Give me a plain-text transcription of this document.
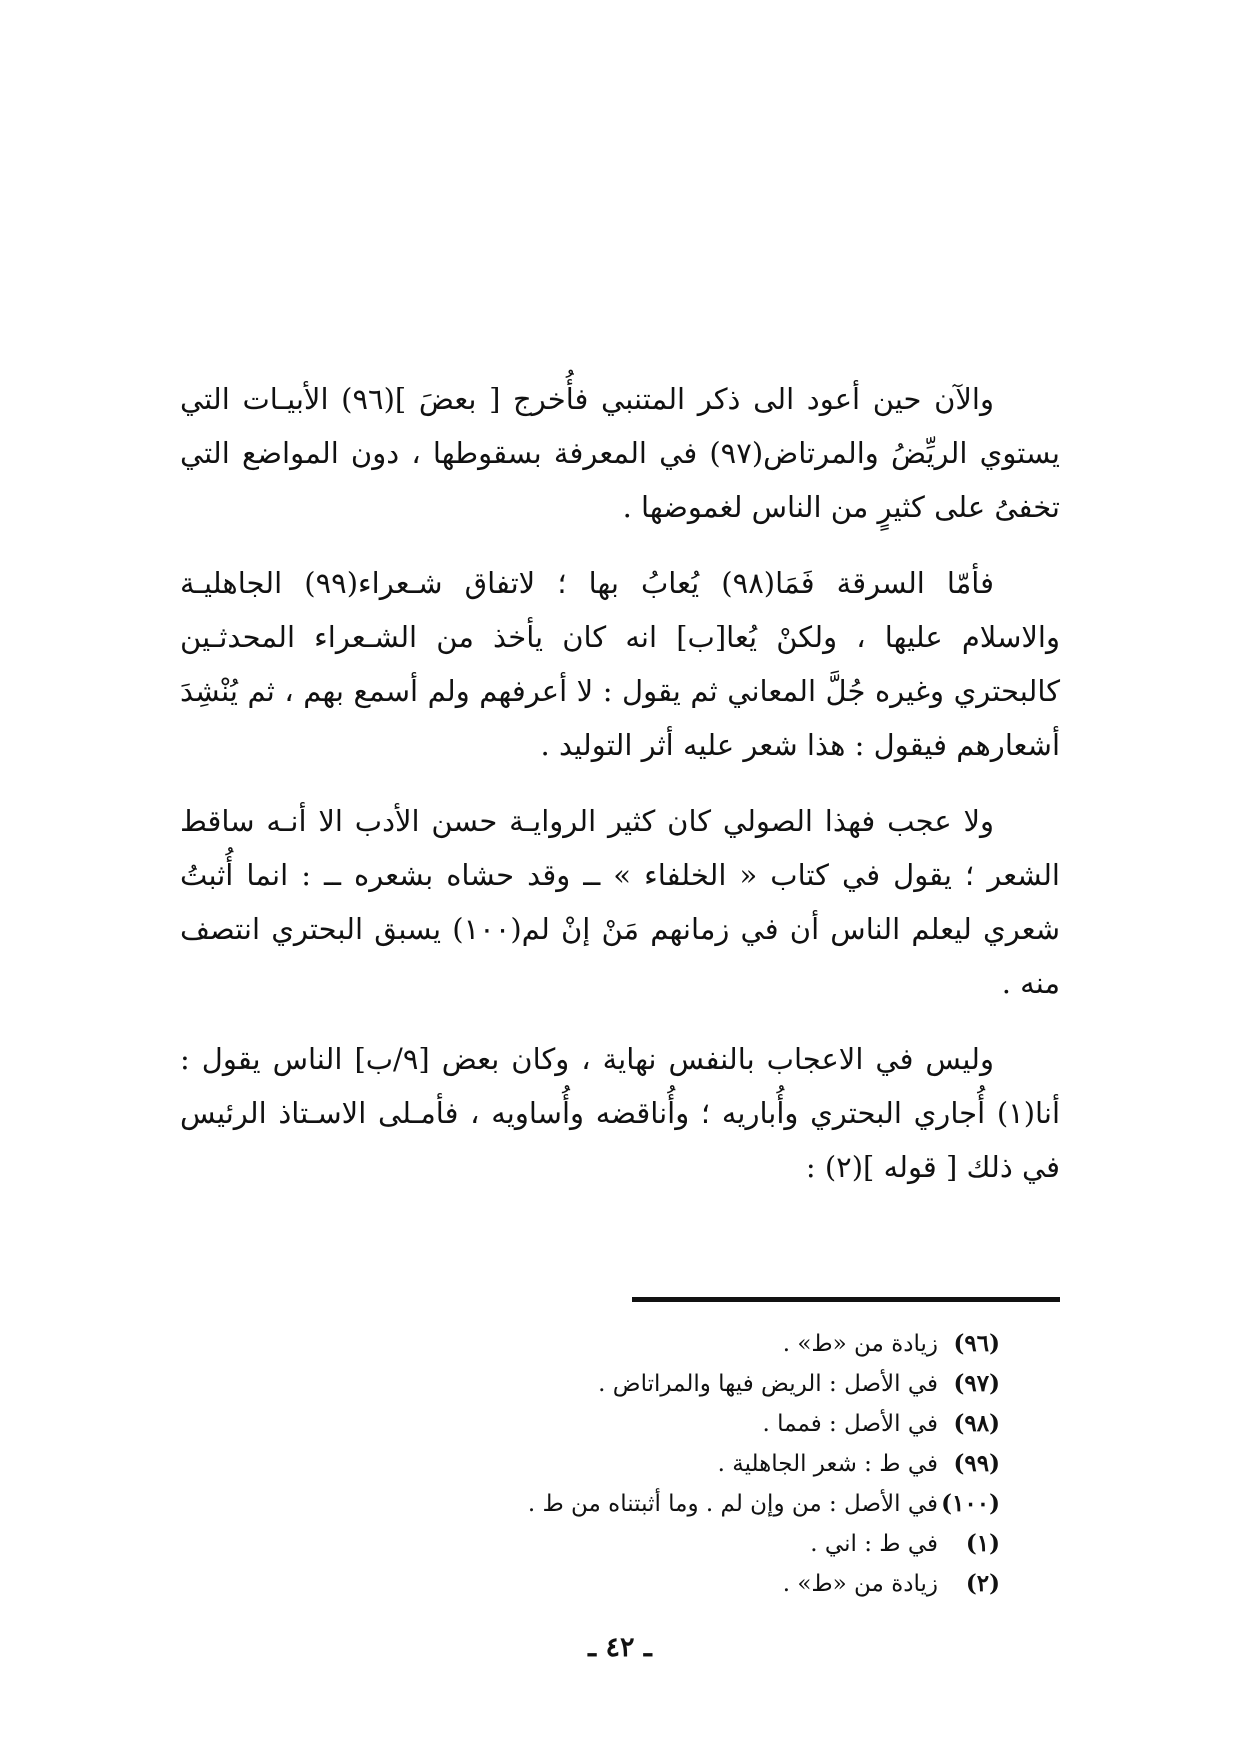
والآن حين أعود الى ذكر المتنبي فأُخرج [ بعضَ ](٩٦) الأبيـات التي يستوي الريِّضُ والمرتاض(٩٧) في المعرفة بسقوطها ، دون المواضع التي تخفىُ على كثيرٍ من الناس لغموضها .

فأمّا السرقة فَمَا(٩٨) يُعابُ بها ؛ لاتفاق شـعراء(٩٩) الجاهليـة والاسلام عليها ، ولكنْ يُعا[ب] انه كان يأخذ من الشـعراء المحدثـين كالبحتري وغيره جُلَّ المعاني ثم يقول : لا أعرفهم ولم أسمع بهم ، ثم يُنْشِدَ أشعارهم فيقول : هذا شعر عليه أثر التوليد .

ولا عجب فهذا الصولي كان كثير الروايـة حسن الأدب الا أنـه ساقط الشعر ؛ يقول في كتاب « الخلفاء » ــ وقد حشاه بشعره ــ : انما أُثبتُ شعري ليعلم الناس أن في زمانهم مَنْ إنْ لم(١٠٠) يسبق البحتري انتصف منه .

وليس في الاعجاب بالنفس نهاية ، وكان بعض [٩/ب] الناس يقول : أنا(١) أُجاري البحتري وأُباريه ؛ وأُناقضه وأُساويه ، فأمـلى الاسـتاذ الرئيس في ذلك [ قوله ](٢) :

(٩٦)
زيادة من «ط» .
(٩٧)
في الأصل : الريض فيها والمراتاض .
(٩٨)
في الأصل : فمما .
(٩٩)
في ط : شعر الجاهلية .
(١٠٠)
في الأصل : من وإن لم . وما أثبتناه من ط .
(١)
في ط : اني .
(٢)
زيادة من «ط» .
ـ ٤٢ ـ
